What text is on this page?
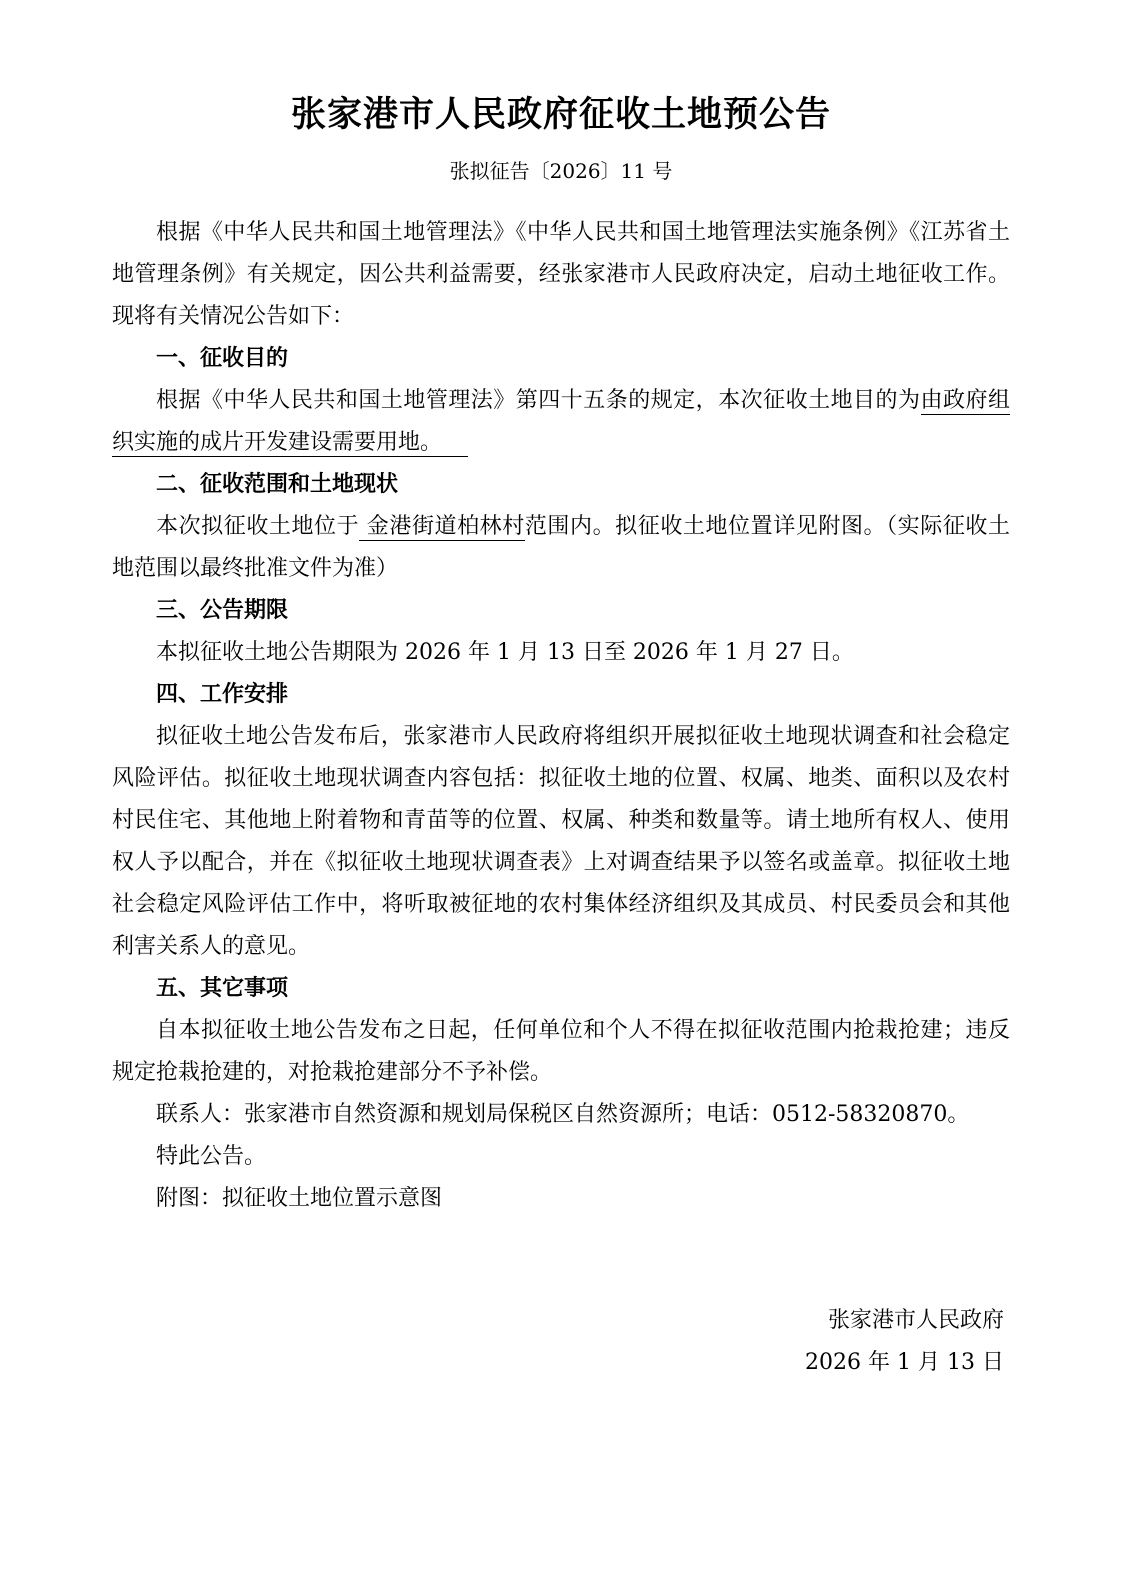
张家港市人民政府征收土地预公告
张拟征告〔2026〕11 号

根据《中华人民共和国土地管理法》《中华人民共和国土地管理法实施条例》《江苏省土地管理条例》有关规定，因公共利益需要，经张家港市人民政府决定，启动土地征收工作。现将有关情况公告如下：

一、征收目的

根据《中华人民共和国土地管理法》第四十五条的规定，本次征收土地目的为由政府组织实施的成片开发建设需要用地。

二、征收范围和土地现状

本次拟征收土地位于 金港街道柏林村范围内。拟征收土地位置详见附图。（实际征收土地范围以最终批准文件为准）

三、公告期限

本拟征收土地公告期限为 2026 年 1 月 13 日至 2026 年 1 月 27 日。

四、工作安排

拟征收土地公告发布后，张家港市人民政府将组织开展拟征收土地现状调查和社会稳定风险评估。拟征收土地现状调查内容包括：拟征收土地的位置、权属、地类、面积以及农村村民住宅、其他地上附着物和青苗等的位置、权属、种类和数量等。请土地所有权人、使用权人予以配合，并在《拟征收土地现状调查表》上对调查结果予以签名或盖章。拟征收土地社会稳定风险评估工作中，将听取被征地的农村集体经济组织及其成员、村民委员会和其他利害关系人的意见。

五、其它事项

自本拟征收土地公告发布之日起，任何单位和个人不得在拟征收范围内抢栽抢建；违反规定抢栽抢建的，对抢栽抢建部分不予补偿。

联系人：张家港市自然资源和规划局保税区自然资源所；电话：0512-58320870。

特此公告。

附图：拟征收土地位置示意图

张家港市人民政府
2026 年 1 月 13 日
